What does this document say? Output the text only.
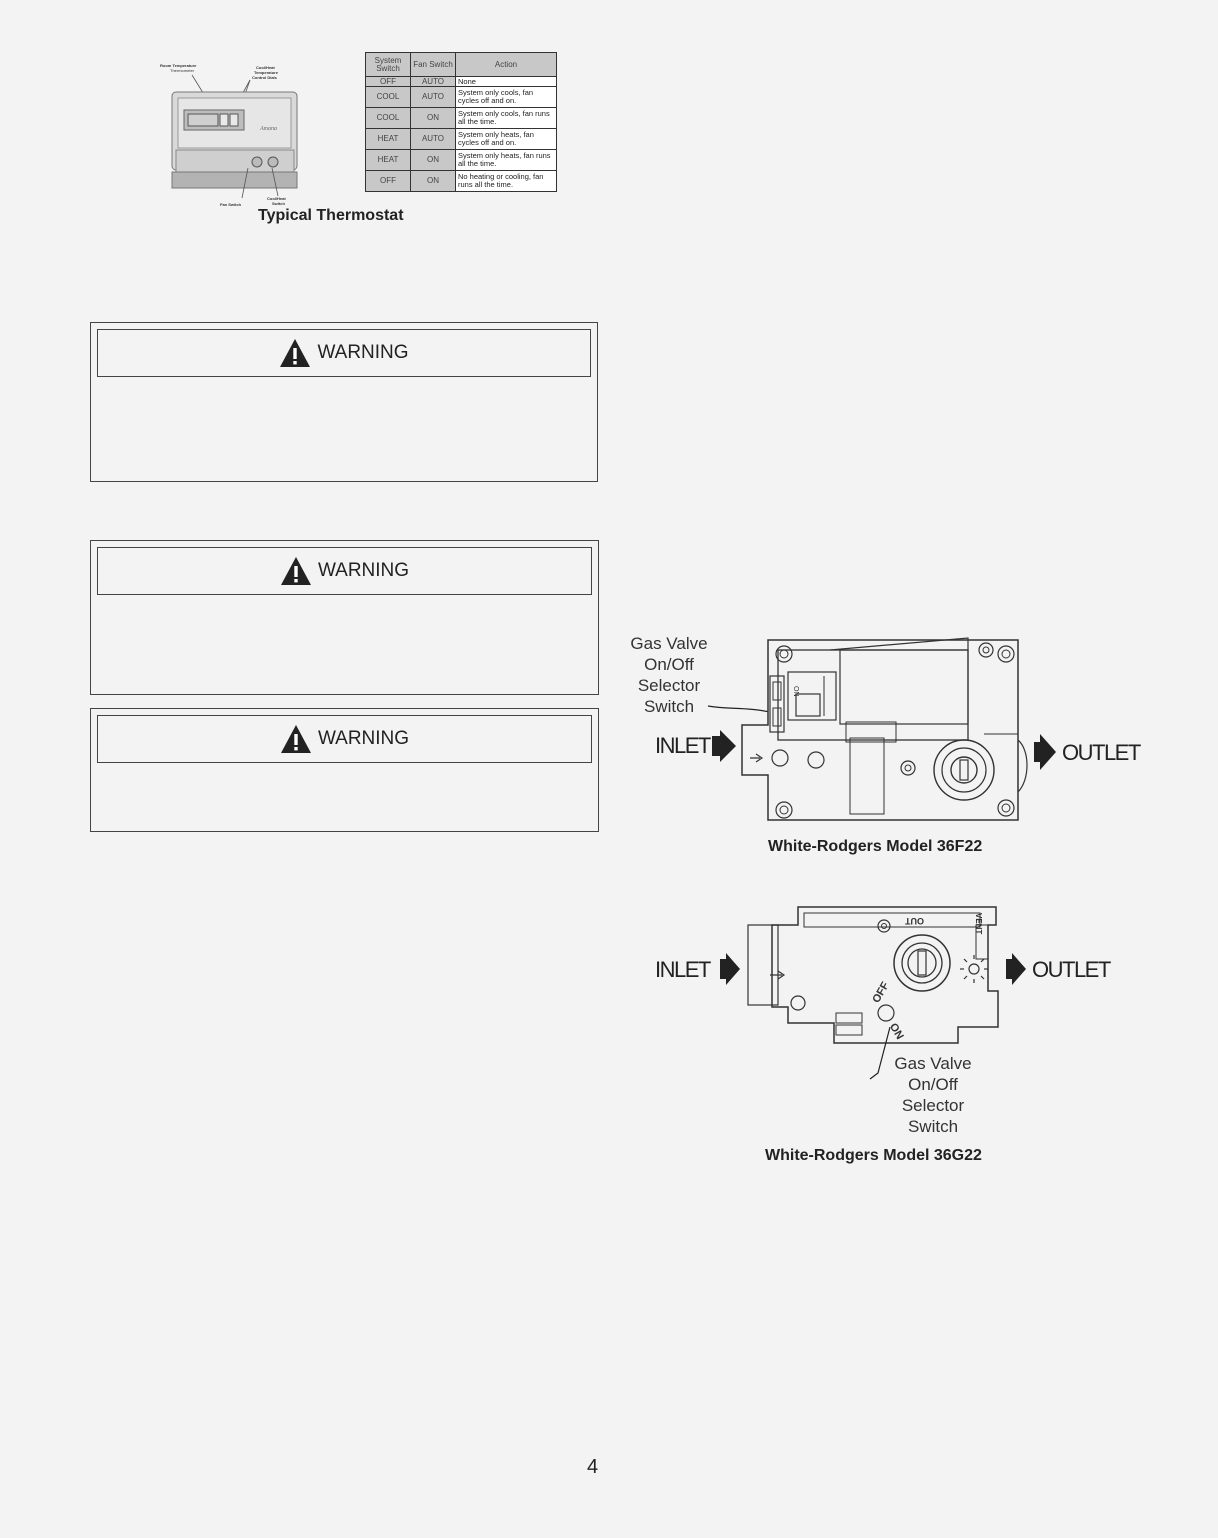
Room Temperature
Thermometer
Cool/Heat
Temperature
Control Dials
Amana
Fan Switch
Cool/Heat
Switch
System Switch	Fan Switch	Action
OFF	AUTO	None
COOL	AUTO	System only cools, fan cycles off and on.
COOL	ON	System only cools, fan runs all the time.
HEAT	AUTO	System only heats, fan cycles off and on.
HEAT	ON	System only heats, fan runs all the time.
OFF	ON	No heating or cooling, fan runs all the time.
Typical Thermostat
WARNING
WARNING
WARNING
Gas Valve
On/Off
Selector
Switch
INLET	OUTLET
ON
White-Rodgers Model 36F22
INLET	OUTLET
OUT	VENT
OFF
ON
Gas Valve
On/Off
Selector
Switch
White-Rodgers Model 36G22
4
